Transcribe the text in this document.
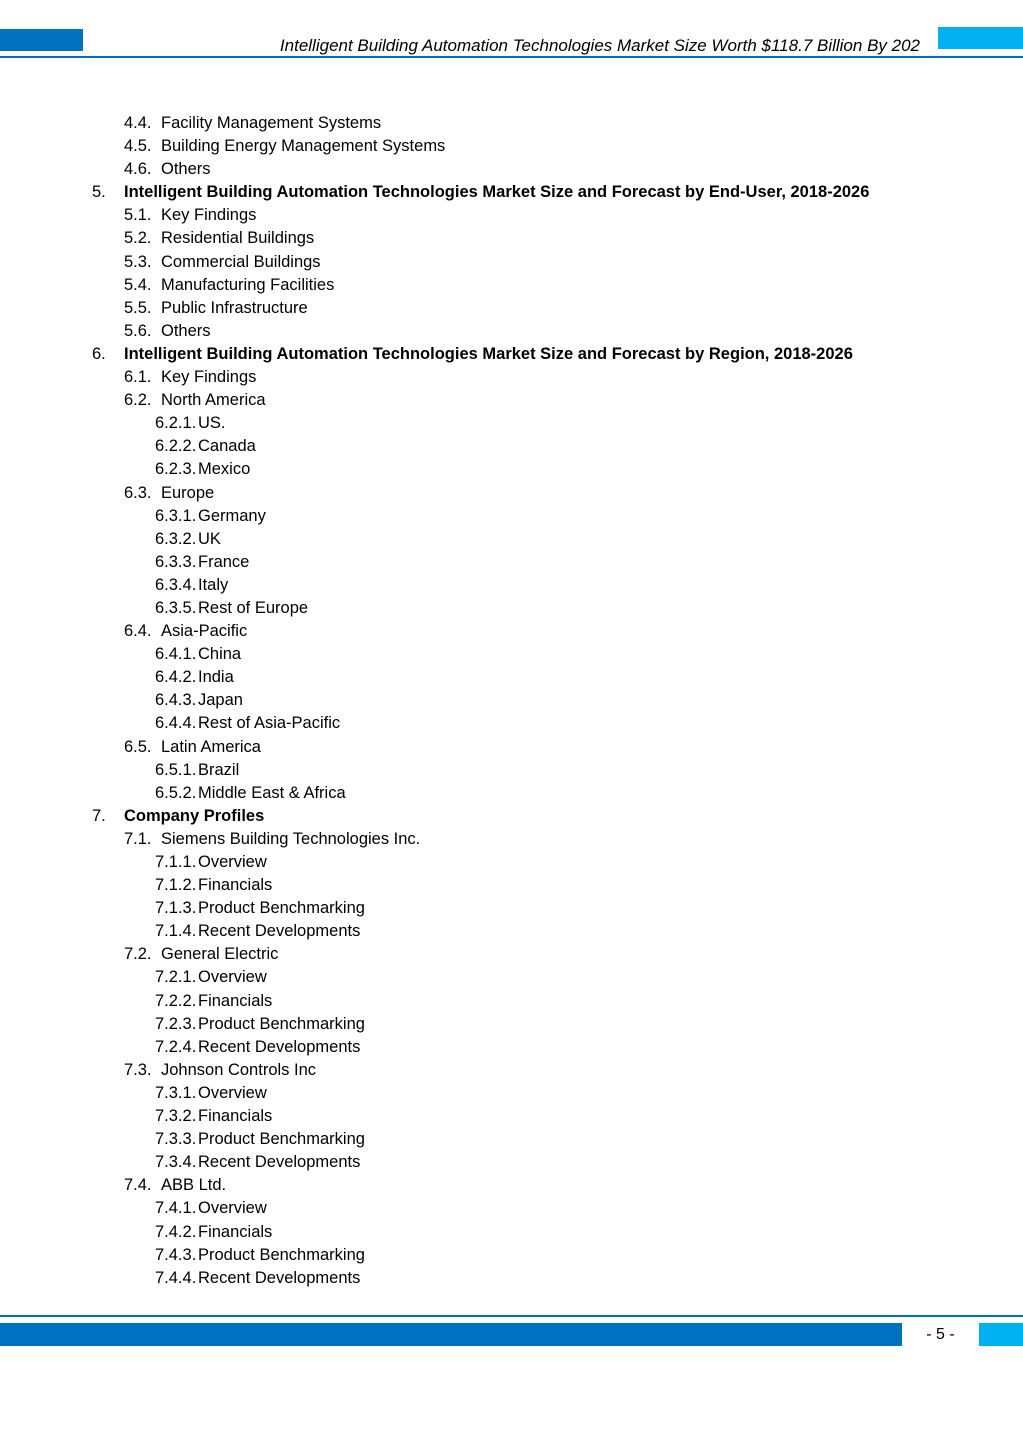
Intelligent Building Automation Technologies Market Size Worth $118.7 Billion By 202
4.4. Facility Management Systems
4.5. Building Energy Management Systems
4.6. Others
5. Intelligent Building Automation Technologies Market Size and Forecast by End-User, 2018-2026
5.1. Key Findings
5.2. Residential Buildings
5.3. Commercial Buildings
5.4. Manufacturing Facilities
5.5. Public Infrastructure
5.6. Others
6. Intelligent Building Automation Technologies Market Size and Forecast by Region, 2018-2026
6.1. Key Findings
6.2. North America
6.2.1. US.
6.2.2. Canada
6.2.3. Mexico
6.3. Europe
6.3.1. Germany
6.3.2. UK
6.3.3. France
6.3.4. Italy
6.3.5. Rest of Europe
6.4. Asia-Pacific
6.4.1. China
6.4.2. India
6.4.3. Japan
6.4.4. Rest of Asia-Pacific
6.5. Latin America
6.5.1. Brazil
6.5.2. Middle East & Africa
7. Company Profiles
7.1. Siemens Building Technologies Inc.
7.1.1. Overview
7.1.2. Financials
7.1.3. Product Benchmarking
7.1.4. Recent Developments
7.2. General Electric
7.2.1. Overview
7.2.2. Financials
7.2.3. Product Benchmarking
7.2.4. Recent Developments
7.3. Johnson Controls Inc
7.3.1. Overview
7.3.2. Financials
7.3.3. Product Benchmarking
7.3.4. Recent Developments
7.4. ABB Ltd.
7.4.1. Overview
7.4.2. Financials
7.4.3. Product Benchmarking
7.4.4. Recent Developments
- 5 -
